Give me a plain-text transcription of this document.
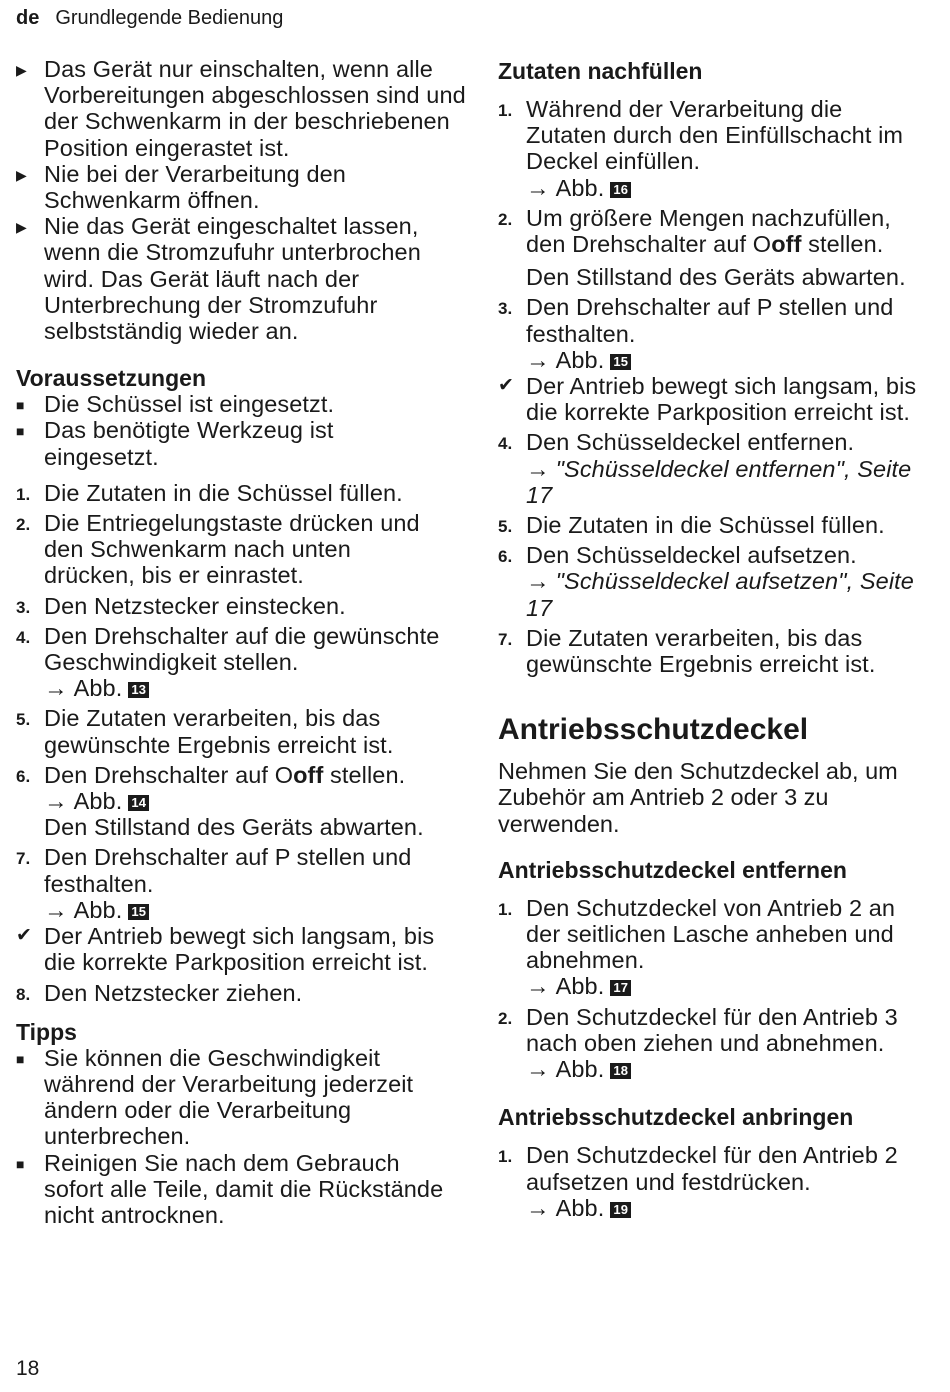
de Grundlegende Bedienung

▶ Das Gerät nur einschalten, wenn alle Vorbereitungen abgeschlossen sind und der Schwenkarm in der beschriebenen Position eingerastet ist.

▶ Nie bei der Verarbeitung den Schwenkarm öffnen.

▶ Nie das Gerät eingeschaltet lassen, wenn die Stromzufuhr unterbrochen wird. Das Gerät läuft nach der Unterbrechung der Stromzufuhr selbstständig wieder an.

Voraussetzungen

■ Die Schüssel ist eingesetzt.

■ Das benötigte Werkzeug ist eingesetzt.

1. Die Zutaten in die Schüssel füllen.

2. Die Entriegelungstaste drücken und den Schwenkarm nach unten drücken, bis er einrastet.

3. Den Netzstecker einstecken.

4. Den Drehschalter auf die gewünschte Geschwindigkeit stellen.
→ Abb. 13

5. Die Zutaten verarbeiten, bis das gewünschte Ergebnis erreicht ist.

6. Den Drehschalter auf Ooff stellen.
→ Abb. 14
Den Stillstand des Geräts abwarten.

7. Den Drehschalter auf P stellen und festhalten.
→ Abb. 15

✔ Der Antrieb bewegt sich langsam, bis die korrekte Parkposition erreicht ist.

8. Den Netzstecker ziehen.

Tipps

■ Sie können die Geschwindigkeit während der Verarbeitung jederzeit ändern oder die Verarbeitung unterbrechen.

■ Reinigen Sie nach dem Gebrauch sofort alle Teile, damit die Rückstände nicht antrocknen.

Zutaten nachfüllen

1. Während der Verarbeitung die Zutaten durch den Einfüllschacht im Deckel einfüllen.
→ Abb. 16

2. Um größere Mengen nachzufüllen, den Drehschalter auf Ooff stellen.
Den Stillstand des Geräts abwarten.

3. Den Drehschalter auf P stellen und festhalten.
→ Abb. 15

✔ Der Antrieb bewegt sich langsam, bis die korrekte Parkposition erreicht ist.

4. Den Schüsseldeckel entfernen.
→ "Schüsseldeckel entfernen", Seite 17

5. Die Zutaten in die Schüssel füllen.

6. Den Schüsseldeckel aufsetzen.
→ "Schüsseldeckel aufsetzen", Seite 17

7. Die Zutaten verarbeiten, bis das gewünschte Ergebnis erreicht ist.

Antriebsschutzdeckel

Nehmen Sie den Schutzdeckel ab, um Zubehör am Antrieb 2 oder 3 zu verwenden.

Antriebsschutzdeckel entfernen

1. Den Schutzdeckel von Antrieb 2 an der seitlichen Lasche anheben und abnehmen.
→ Abb. 17

2. Den Schutzdeckel für den Antrieb 3 nach oben ziehen und abnehmen.
→ Abb. 18

Antriebsschutzdeckel anbringen

1. Den Schutzdeckel für den Antrieb 2 aufsetzen und festdrücken.
→ Abb. 19

18
